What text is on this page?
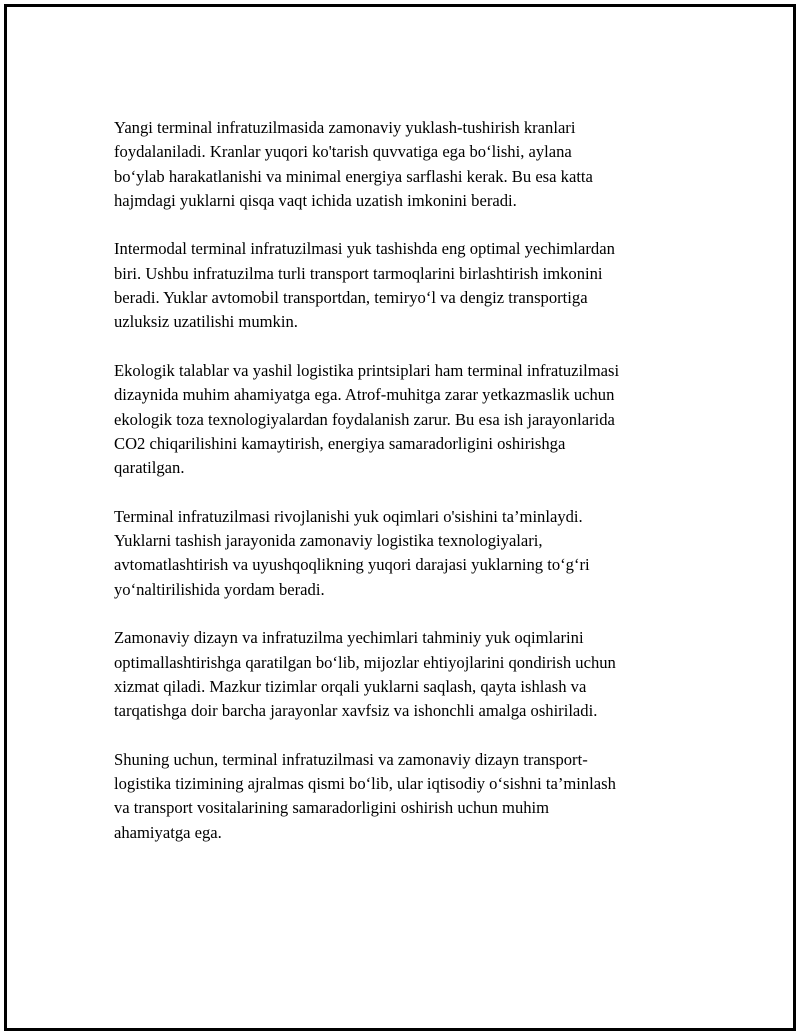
Yangi terminal infratuzilmasida zamonaviy yuklash-tushirish kranlari
foydalaniladi. Kranlar yuqori ko'tarish quvvatiga ega bo‘lishi, aylana
bo‘ylab harakatlanishi va minimal energiya sarflashi kerak. Bu esa katta
hajmdagi yuklarni qisqa vaqt ichida uzatish imkonini beradi.

Intermodal terminal infratuzilmasi yuk tashishda eng optimal yechimlardan
biri. Ushbu infratuzilma turli transport tarmoqlarini birlashtirish imkonini
beradi. Yuklar avtomobil transportdan, temiryo‘l va dengiz transportiga
uzluksiz uzatilishi mumkin.

Ekologik talablar va yashil logistika printsiplari ham terminal infratuzilmasi
dizaynida muhim ahamiyatga ega. Atrof-muhitga zarar yetkazmaslik uchun
ekologik toza texnologiyalardan foydalanish zarur. Bu esa ish jarayonlarida
CO2 chiqarilishini kamaytirish, energiya samaradorligini oshirishga
qaratilgan.

Terminal infratuzilmasi rivojlanishi yuk oqimlari o'sishini ta’minlaydi.
Yuklarni tashish jarayonida zamonaviy logistika texnologiyalari,
avtomatlashtirish va uyushqoqlikning yuqori darajasi yuklarning to‘g‘ri
yo‘naltirilishida yordam beradi.

Zamonaviy dizayn va infratuzilma yechimlari tahminiy yuk oqimlarini
optimallashtirishga qaratilgan bo‘lib, mijozlar ehtiyojlarini qondirish uchun
xizmat qiladi. Mazkur tizimlar orqali yuklarni saqlash, qayta ishlash va
tarqatishga doir barcha jarayonlar xavfsiz va ishonchli amalga oshiriladi.

Shuning uchun, terminal infratuzilmasi va zamonaviy dizayn transport-
logistika tizimining ajralmas qismi bo‘lib, ular iqtisodiy o‘sishni ta’minlash
va transport vositalarining samaradorligini oshirish uchun muhim
ahamiyatga ega.
